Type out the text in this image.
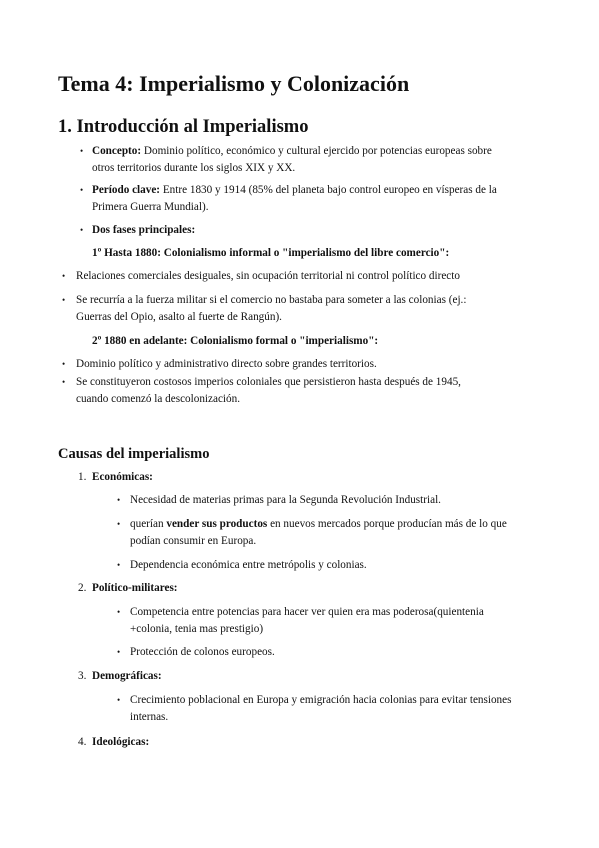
Tema 4: Imperialismo y Colonización
1. Introducción al Imperialismo
• Concepto: Dominio político, económico y cultural ejercido por potencias europeas sobre

otros territorios durante los siglos XIX y XX.

• Período clave: Entre 1830 y 1914 (85% del planeta bajo control europeo en vísperas de la

Primera Guerra Mundial).

• Dos fases principales:

1º Hasta 1880: Colonialismo informal o "imperialismo del libre comercio":

• Relaciones comerciales desiguales, sin ocupación territorial ni control político directo

• Se recurría a la fuerza militar si el comercio no bastaba para someter a las colonias (ej.:

Guerras del Opio, asalto al fuerte de Rangún).

2º 1880 en adelante: Colonialismo formal o "imperialismo":

• Dominio político y administrativo directo sobre grandes territorios.

• Se constituyeron costosos imperios coloniales que persistieron hasta después de 1945,

cuando comenzó la descolonización.

Causas del imperialismo
1. Económicas:

• Necesidad de materias primas para la Segunda Revolución Industrial.

• querían vender sus productos en nuevos mercados porque producían más de lo que

podían consumir en Europa.

• Dependencia económica entre metrópolis y colonias.

2. Político-militares:

• Competencia entre potencias para hacer ver quien era mas poderosa(quientenia

+colonia, tenia mas prestigio)

• Protección de colonos europeos.

3. Demográficas:

• Crecimiento poblacional en Europa y emigración hacia colonias para evitar tensiones

internas.

4. Ideológicas:
